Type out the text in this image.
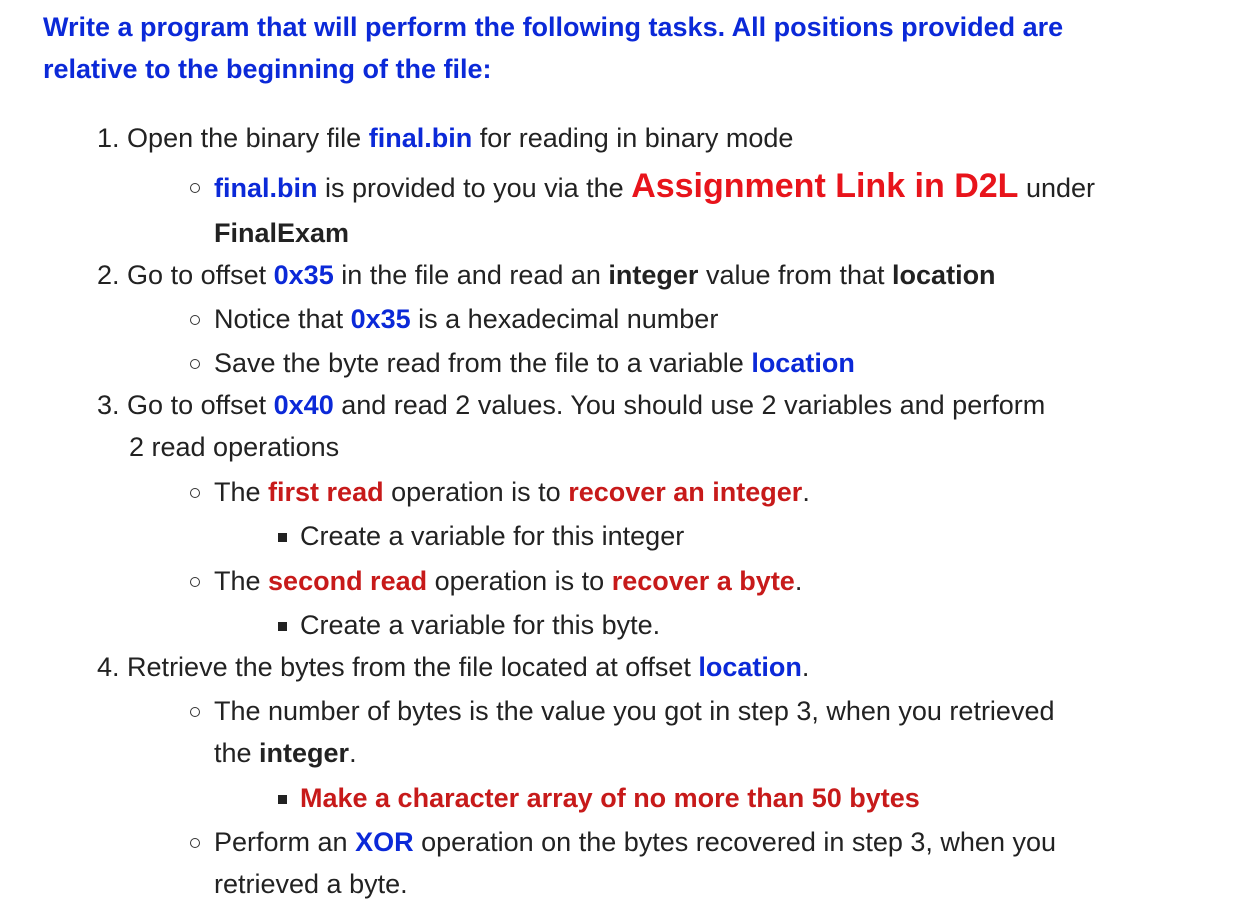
Write a program that will perform the following tasks. All positions provided are relative to the beginning of the file:

1. Open the binary file final.bin for reading in binary mode

final.bin is provided to you via the Assignment Link in D2L under

FinalExam

2. Go to offset 0x35 in the file and read an integer value from that location

Notice that 0x35 is a hexadecimal number

Save the byte read from the file to a variable location

3. Go to offset 0x40 and read 2 values. You should use 2 variables and perform

2 read operations

The first read operation is to recover an integer.

Create a variable for this integer

The second read operation is to recover a byte.

Create a variable for this byte.

4. Retrieve the bytes from the file located at offset location.

The number of bytes is the value you got in step 3, when you retrieved

the integer.

Make a character array of no more than 50 bytes

Perform an XOR operation on the bytes recovered in step 3, when you

retrieved a byte.
